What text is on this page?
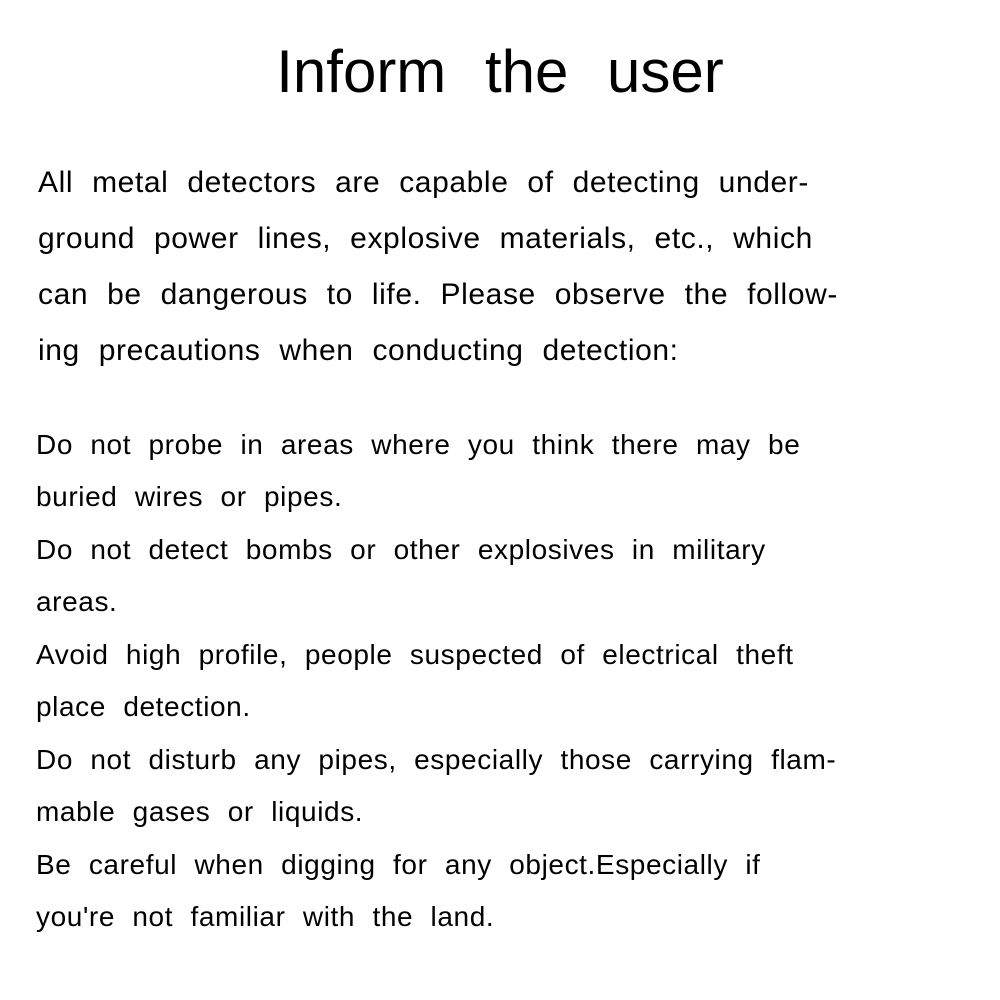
Inform the user
All metal detectors are capable of detecting under-
ground power lines, explosive materials, etc., which
can be dangerous to life. Please observe the follow-
ing precautions when conducting detection:
Do not probe in areas where you think there may be
buried wires or pipes.
Do not detect bombs or other explosives in military
areas.
Avoid high profile, people suspected of electrical theft
place detection.
Do not disturb any pipes, especially those carrying flam-
mable gases or liquids.
Be careful when digging for any object.Especially if
you're not familiar with the land.
